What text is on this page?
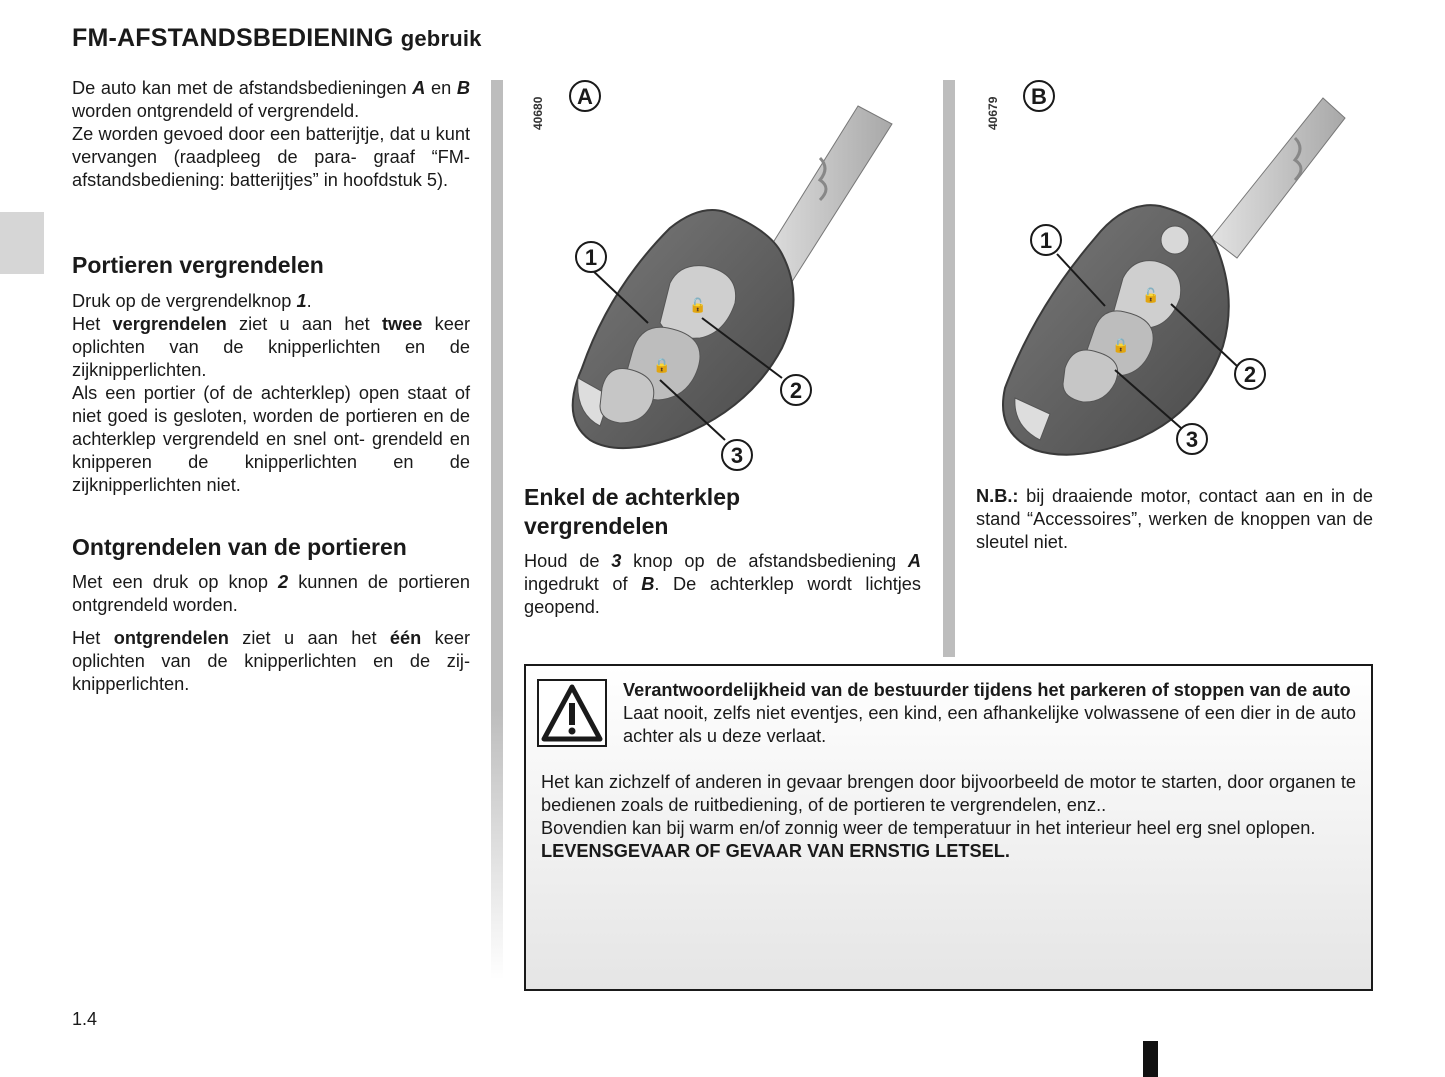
FM-AFSTANDSBEDIENING gebruik

De auto kan met de afstandsbedieningen A en B worden ontgrendeld of vergrendeld.

Ze worden gevoed door een batterijtje, dat u kunt vervangen (raadpleeg de para- graaf “FM-afstandsbediening: batterijtjes” in hoofdstuk 5).

Portieren vergrendelen

Druk op de vergrendelknop 1.

Het vergrendelen ziet u aan het twee keer oplichten van de knipperlichten en de zijknipperlichten.

Als een portier (of de achterklep) open staat of niet goed is gesloten, worden de portieren en de achterklep vergrendeld en snel ont- grendeld en knipperen de knipperlichten en de zijknipperlichten niet.

Ontgrendelen van de portieren

Met een druk op knop 2 kunnen de portieren ontgrendeld worden.

Het ontgrendelen ziet u aan het één keer oplichten van de knipperlichten en de zij- knipperlichten.

40680
A
🔓
🔒
1
2
3
40679
B
🔓
🔒
1
2
3
Enkel de achterklep
vergrendelen

Houd de 3 knop op de afstandsbediening A ingedrukt of B. De achterklep wordt lichtjes geopend.

N.B.: bij draaiende motor, contact aan en in de stand “Accessoires”, werken de knoppen van de sleutel niet.

Verantwoordelijkheid van de bestuurder tijdens het parkeren of stoppen van de auto

Laat nooit, zelfs niet eventjes, een kind, een afhankelijke volwassene of een dier in de auto achter als u deze verlaat.

Het kan zichzelf of anderen in gevaar brengen door bijvoorbeeld de motor te starten, door organen te bedienen zoals de ruitbediening, of de portieren te vergrendelen, enz..

Bovendien kan bij warm en/of zonnig weer de temperatuur in het interieur heel erg snel oplopen.

LEVENSGEVAAR OF GEVAAR VAN ERNSTIG LETSEL.

1.4
